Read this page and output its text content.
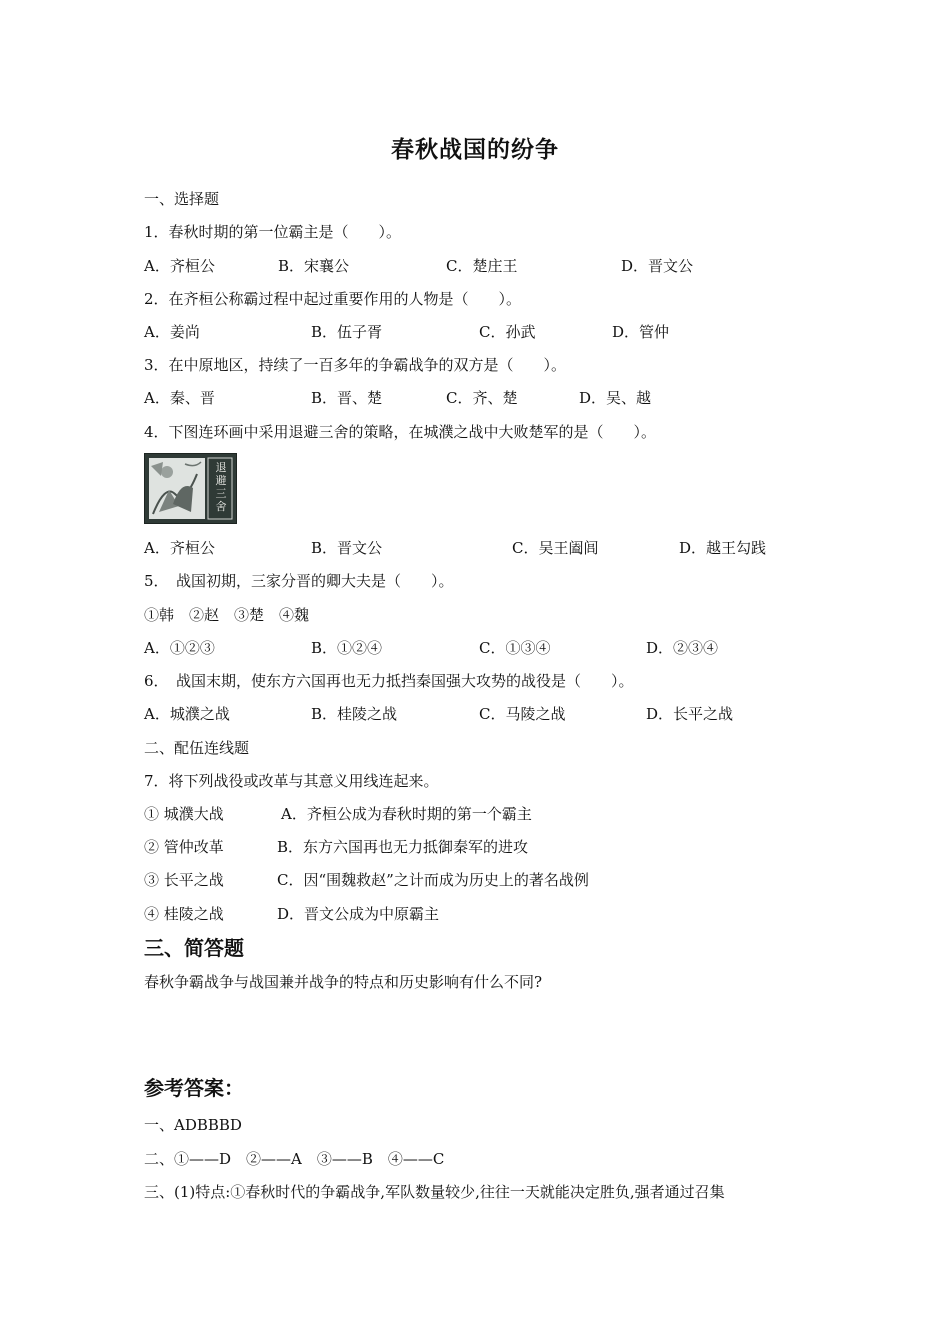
春秋战国的纷争
一、选择题
1．春秋时期的第一位霸主是（　　）。
A．齐桓公	B．宋襄公	C．楚庄王	D．晋文公
2．在齐桓公称霸过程中起过重要作用的人物是（　　）。
A．姜尚	B．伍子胥	C．孙武	D．管仲
3．在中原地区，持续了一百多年的争霸战争的双方是（　　）。
A．秦、晋	B．晋、楚	C．齐、楚	D．吴、越
4．下图连环画中采用退避三舍的策略，在城濮之战中大败楚军的是（　　）。
退避三舍
A．齐桓公	B．晋文公	C．吴王阖闾	D．越王勾践
5．　战国初期，三家分晋的卿大夫是（　　）。
①韩　②赵　③楚　④魏
A．①②③	B．①②④	C．①③④	D．②③④
6．　战国末期，使东方六国再也无力抵挡秦国强大攻势的战役是（　　）。
A．城濮之战	B．桂陵之战	C．马陵之战	D．长平之战
二、配伍连线题
7．将下列战役或改革与其意义用线连起来。
① 城濮大战	A．齐桓公成为春秋时期的第一个霸主
② 管仲改革	B．东方六国再也无力抵御秦军的进攻
③ 长平之战	C．因“围魏救赵”之计而成为历史上的著名战例
④ 桂陵之战	D．晋文公成为中原霸主
三、简答题
春秋争霸战争与战国兼并战争的特点和历史影响有什么不同?
参考答案：
一、ADBBBD
二、①——D　②——A　③——B　④——C
三、(1)特点:①春秋时代的争霸战争,军队数量较少,往往一天就能决定胜负,强者通过召集
